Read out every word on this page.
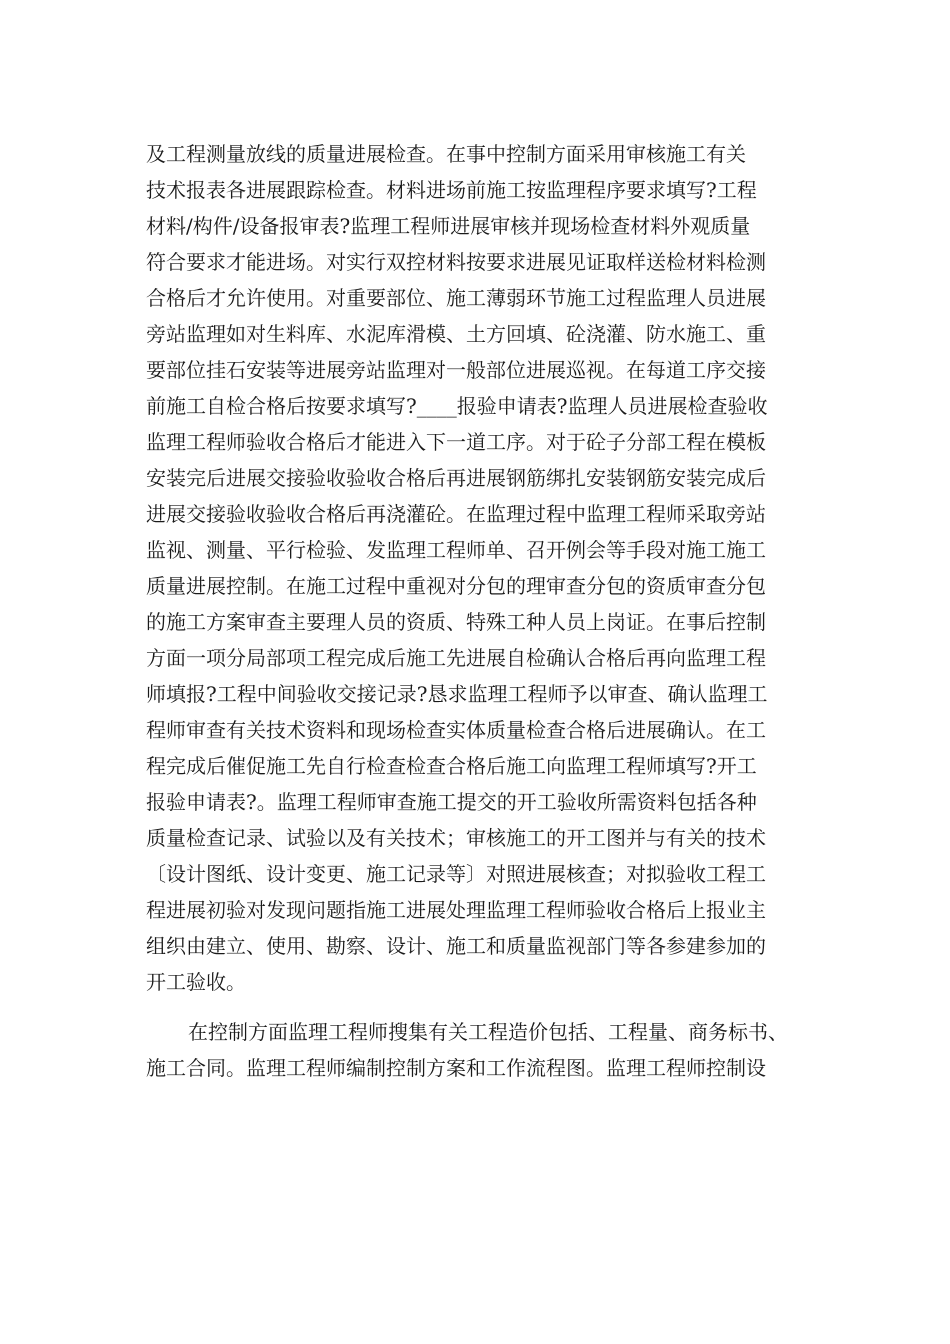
及工程测量放线的质量进展检查。在事中控制方面采用审核施工有关
技术报表各进展跟踪检查。材料进场前施工按监理程序要求填写?工程
材料/构件/设备报审表?监理工程师进展审核并现场检查材料外观质量
符合要求才能进场。对实行双控材料按要求进展见证取样送检材料检测
合格后才允许使用。对重要部位、施工薄弱环节施工过程监理人员进展
旁站监理如对生料库、水泥库滑模、土方回填、砼浇灌、防水施工、重
要部位挂石安装等进展旁站监理对一般部位进展巡视。在每道工序交接
前施工自检合格后按要求填写?____报验申请表?监理人员进展检查验收
监理工程师验收合格后才能进入下一道工序。对于砼子分部工程在模板
安装完后进展交接验收验收合格后再进展钢筋绑扎安装钢筋安装完成后
进展交接验收验收合格后再浇灌砼。在监理过程中监理工程师采取旁站
监视、测量、平行检验、发监理工程师单、召开例会等手段对施工施工
质量进展控制。在施工过程中重视对分包的理审查分包的资质审查分包
的施工方案审查主要理人员的资质、特殊工种人员上岗证。在事后控制
方面一项分局部项工程完成后施工先进展自检确认合格后再向监理工程
师填报?工程中间验收交接记录?恳求监理工程师予以审查、确认监理工
程师审查有关技术资料和现场检查实体质量检查合格后进展确认。在工
程完成后催促施工先自行检查检查合格后施工向监理工程师填写?开工
报验申请表?。监理工程师审查施工提交的开工验收所需资料包括各种
质量检查记录、试验以及有关技术；审核施工的开工图并与有关的技术
〔设计图纸、设计变更、施工记录等〕对照进展核查；对拟验收工程工
程进展初验对发现问题指施工进展处理监理工程师验收合格后上报业主
组织由建立、使用、勘察、设计、施工和质量监视部门等各参建参加的
开工验收。
在控制方面监理工程师搜集有关工程造价包括、工程量、商务标书、
施工合同。监理工程师编制控制方案和工作流程图。监理工程师控制设
